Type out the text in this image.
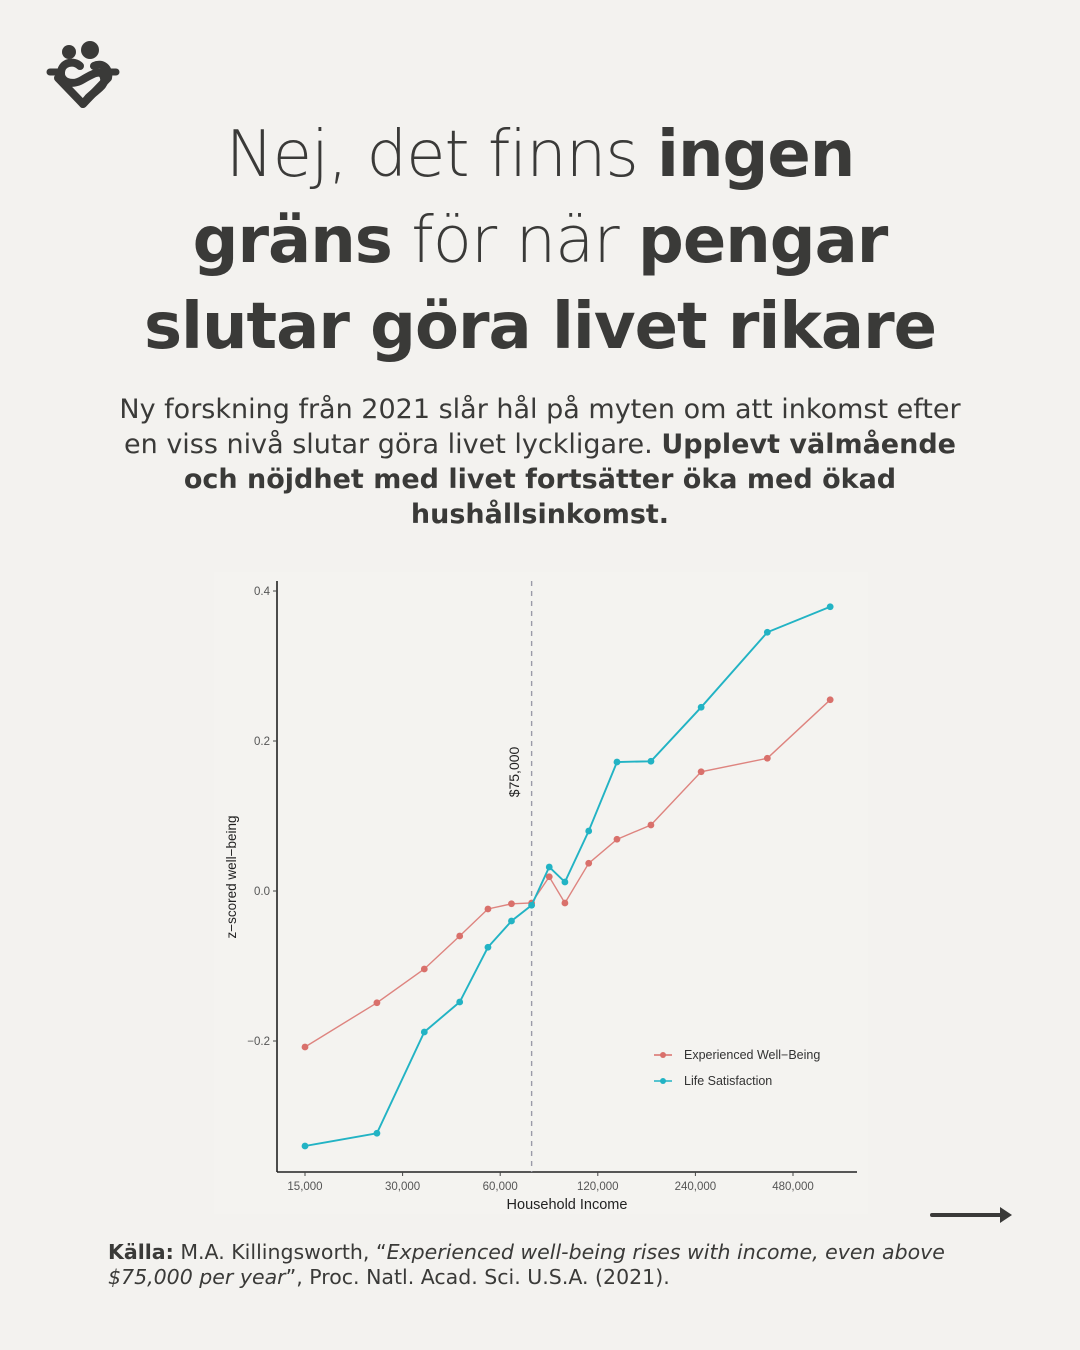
Nej, det finns ingen
gräns för när pengar
slutar göra livet rikare
Ny forskning från 2021 slår hål på myten om att inkomst efter en viss nivå slutar göra livet lyckligare. Upplevt välmående och nöjdhet med livet fortsätter öka med ökad hushållsinkomst.
−0.2
0.0
0.2
0.4
15,000	30,000	60,000	120,000	240,000	480,000
Household Income
z−scored well−being
$75,000
Experienced Well−Being
Life Satisfaction
Källa: M.A. Killingsworth, “Experienced well-being rises with income, even above $75,000 per year”, Proc. Natl. Acad. Sci. U.S.A. (2021).
